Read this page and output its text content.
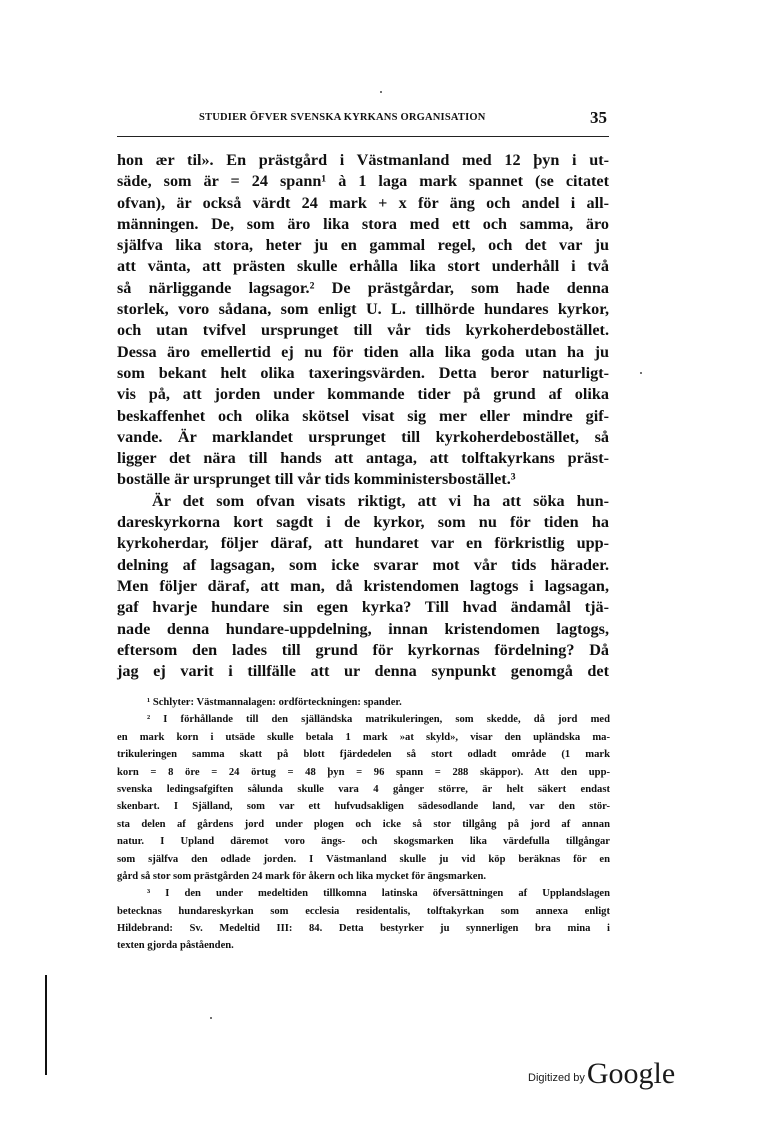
STUDIER ÖFVER SVENSKA KYRKANS ORGANISATION	35
hon ær til». En prästgård i Västmanland med 12 þyn i ut-
säde, som är = 24 spann¹ à 1 laga mark spannet (se citatet
ofvan), är också värdt 24 mark + x för äng och andel i all-
männingen. De, som äro lika stora med ett och samma, äro
själfva lika stora, heter ju en gammal regel, och det var ju
att vänta, att prästen skulle erhålla lika stort underhåll i två
så närliggande lagsagor.² De prästgårdar, som hade denna
storlek, voro sådana, som enligt U. L. tillhörde hundares kyrkor,
och utan tvifvel ursprunget till vår tids kyrkoherdebostället.
Dessa äro emellertid ej nu för tiden alla lika goda utan ha ju
som bekant helt olika taxeringsvärden. Detta beror naturligt-
vis på, att jorden under kommande tider på grund af olika
beskaffenhet och olika skötsel visat sig mer eller mindre gif-
vande. Är marklandet ursprunget till kyrkoherdebostället, så
ligger det nära till hands att antaga, att tolftakyrkans präst-
boställe är ursprunget till vår tids komministersbostället.³
Är det som ofvan visats riktigt, att vi ha att söka hun-
dareskyrkorna kort sagdt i de kyrkor, som nu för tiden ha
kyrkoherdar, följer däraf, att hundaret var en förkristlig upp-
delning af lagsagan, som icke svarar mot vår tids härader.
Men följer däraf, att man, då kristendomen lagtogs i lagsagan,
gaf hvarje hundare sin egen kyrka? Till hvad ändamål tjä-
nade denna hundare-uppdelning, innan kristendomen lagtogs,
eftersom den lades till grund för kyrkornas fördelning? Då
jag ej varit i tillfälle att ur denna synpunkt genomgå det
¹ Schlyter: Västmannalagen: ordförteckningen: spander.
² I förhållande till den själländska matrikuleringen, som skedde, då jord med
en mark korn i utsäde skulle betala 1 mark »at skyld», visar den upländska ma-
trikuleringen samma skatt på blott fjärdedelen så stort odladt område (1 mark
korn = 8 öre = 24 örtug = 48 þyn = 96 spann = 288 skäppor). Att den upp-
svenska ledingsafgiften sålunda skulle vara 4 gånger större, är helt säkert endast
skenbart. I Själland, som var ett hufvudsakligen sädesodlande land, var den stör-
sta delen af gårdens jord under plogen och icke så stor tillgång på jord af annan
natur. I Upland däremot voro ängs- och skogsmarken lika värdefulla tillgångar
som själfva den odlade jorden. I Västmanland skulle ju vid köp beräknas för en
gård så stor som prästgården 24 mark för åkern och lika mycket för ängsmarken.
³ I den under medeltiden tillkomna latinska öfversättningen af Upplandslagen
betecknas hundareskyrkan som ecclesia residentalis, tolftakyrkan som annexa enligt
Hildebrand: Sv. Medeltid III: 84. Detta bestyrker ju synnerligen bra mina i
texten gjorda påståenden.
Digitized by Google
